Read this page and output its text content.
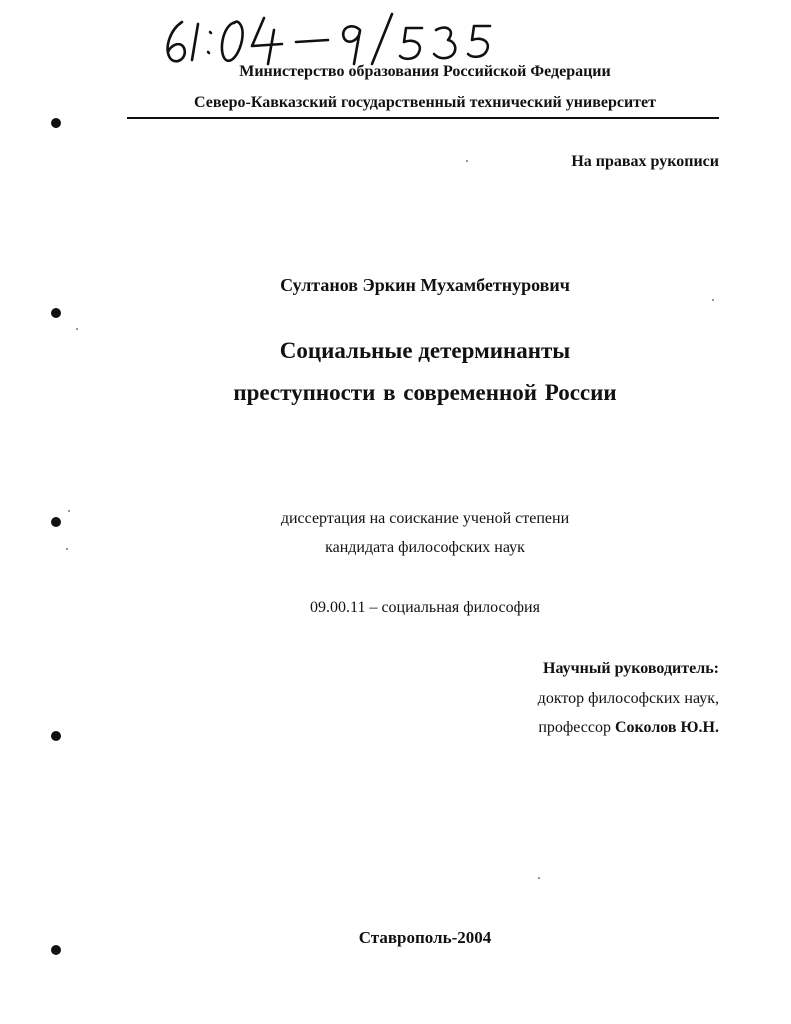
Министерство образования Российской Федерации
Северо-Кавказский государственный технический университет
На правах рукописи
Султанов Эркин Мухамбетнурович
Социальные детерминанты
преступности в современной России
диссертация на соискание ученой степени
кандидата философских наук
09.00.11 – социальная философия
Научный руководитель:
доктор философских наук,
профессор Соколов Ю.Н.
Ставрополь-2004
